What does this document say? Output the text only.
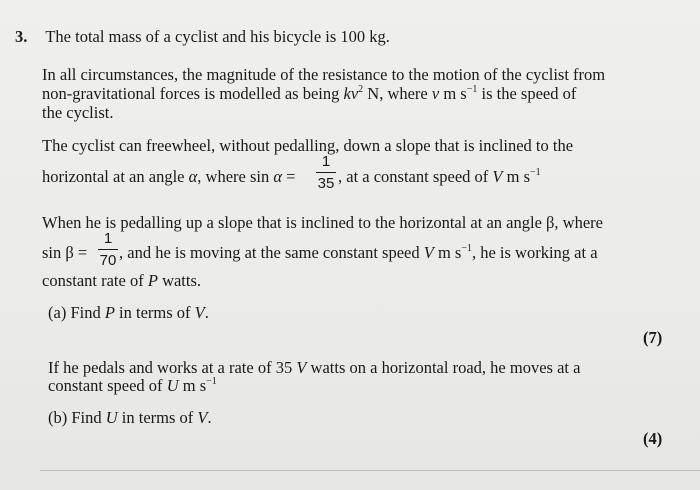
3. The total mass of a cyclist and his bicycle is 100 kg.
In all circumstances, the magnitude of the resistance to the motion of the cyclist from
non-gravitational forces is modelled as being $kv^2$ N, where v m $s^{-1}$ is the speed of
the cyclist.
The cyclist can freewheel, without pedalling, down a slope that is inclined to the
horizontal at an angle α, where sin α =
1
35 , at a constant speed of V m $s^{-1}$
When he is pedalling up a slope that is inclined to the horizontal at an angle β, where
sin β =
1
70 , and he is moving at the same constant speed V m $s^{-1}$, he is working at a
constant rate of P watts.
(a) Find P in terms of V.
(7)
If he pedals and works at a rate of 35 V watts on a horizontal road, he moves at a
constant speed of U m $s^{-1}$
(b) Find U in terms of V.
(4)
